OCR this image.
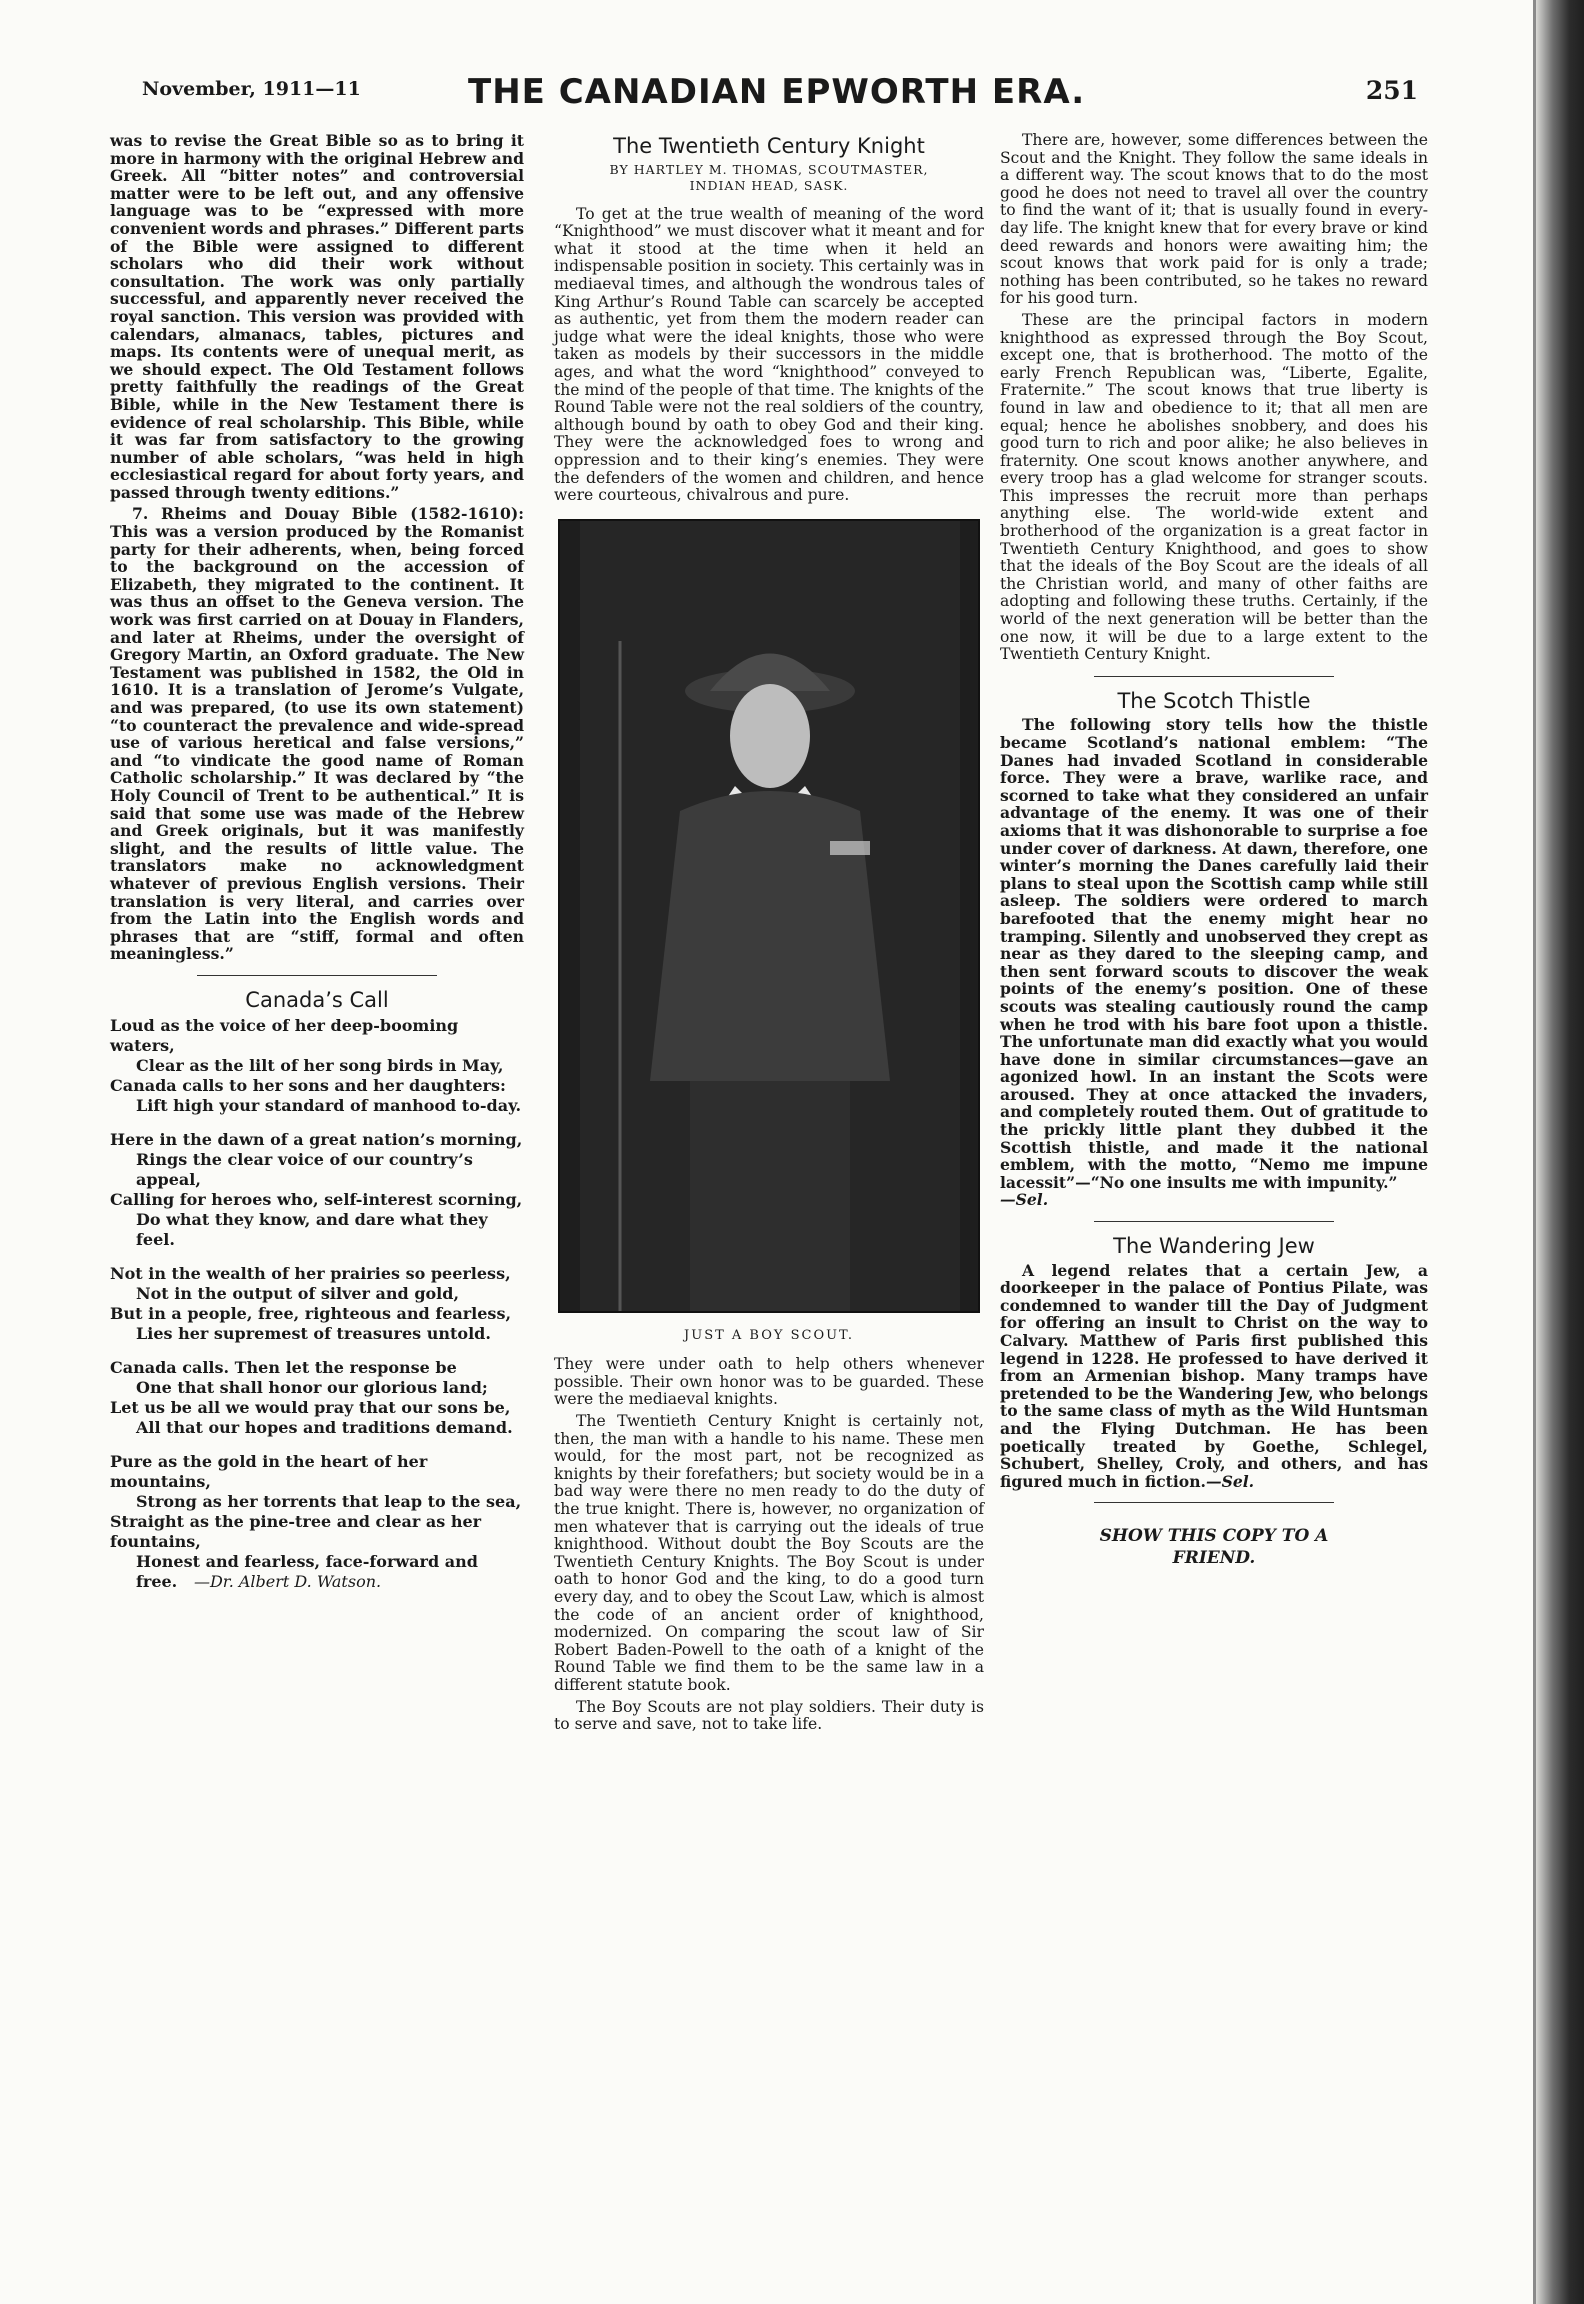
November, 1911—11	THE CANADIAN EPWORTH ERA.	251

was to revise the Great Bible so as to bring it more in harmony with the original Hebrew and Greek. All “bitter notes” and controversial matter were to be left out, and any offensive language was to be “expressed with more convenient words and phrases.” Different parts of the Bible were assigned to different scholars who did their work without consultation. The work was only partially successful, and apparently never received the royal sanction. This version was provided with calendars, almanacs, tables, pictures and maps. Its contents were of unequal merit, as we should expect. The Old Testament follows pretty faithfully the readings of the Great Bible, while in the New Testament there is evidence of real scholarship. This Bible, while it was far from satisfactory to the growing number of able scholars, “was held in high ecclesiastical regard for about forty years, and passed through twenty editions.”

7. Rheims and Douay Bible (1582-1610): This was a version produced by the Romanist party for their adherents, when, being forced to the background on the accession of Elizabeth, they migrated to the continent. It was thus an offset to the Geneva version. The work was first carried on at Douay in Flanders, and later at Rheims, under the oversight of Gregory Martin, an Oxford graduate. The New Testament was published in 1582, the Old in 1610. It is a translation of Jerome’s Vulgate, and was prepared, (to use its own statement) “to counteract the prevalence and wide-spread use of various heretical and false versions,” and “to vindicate the good name of Roman Catholic scholarship.” It was declared by “the Holy Council of Trent to be authentical.” It is said that some use was made of the Hebrew and Greek originals, but it was manifestly slight, and the results of little value. The translators make no acknowledgment whatever of previous English versions. Their translation is very literal, and carries over from the Latin into the English words and phrases that are “stiff, formal and often meaningless.”

Canada’s Call
Loud as the voice of her deep-booming waters,
Clear as the lilt of her song birds in May,
Canada calls to her sons and her daughters:
Lift high your standard of manhood to-day.
Here in the dawn of a great nation’s morning,
Rings the clear voice of our country’s appeal,
Calling for heroes who, self-interest scorning,
Do what they know, and dare what they feel.
Not in the wealth of her prairies so peerless,
Not in the output of silver and gold,
But in a people, free, righteous and fearless,
Lies her supremest of treasures untold.
Canada calls. Then let the response be
One that shall honor our glorious land;
Let us be all we would pray that our sons be,
All that our hopes and traditions demand.
Pure as the gold in the heart of her mountains,
Strong as her torrents that leap to the sea,
Straight as the pine-tree and clear as her fountains,
Honest and fearless, face-forward and free. —Dr. Albert D. Watson.
The Twentieth Century Knight
BY HARTLEY M. THOMAS, SCOUTMASTER,
INDIAN HEAD, SASK.

To get at the true wealth of meaning of the word “Knighthood” we must discover what it meant and for what it stood at the time when it held an indispensable position in society. This certainly was in mediaeval times, and although the wondrous tales of King Arthur’s Round Table can scarcely be accepted as authentic, yet from them the modern reader can judge what were the ideal knights, those who were taken as models by their successors in the middle ages, and what the word “knighthood” conveyed to the mind of the people of that time. The knights of the Round Table were not the real soldiers of the country, although bound by oath to obey God and their king. They were the acknowledged foes to wrong and oppression and to their king’s enemies. They were the defenders of the women and children, and hence were courteous, chivalrous and pure.

JUST A BOY SCOUT.

They were under oath to help others whenever possible. Their own honor was to be guarded. These were the mediaeval knights.

The Twentieth Century Knight is certainly not, then, the man with a handle to his name. These men would, for the most part, not be recognized as knights by their forefathers; but society would be in a bad way were there no men ready to do the duty of the true knight. There is, however, no organization of men whatever that is carrying out the ideals of true knighthood. Without doubt the Boy Scouts are the Twentieth Century Knights. The Boy Scout is under oath to honor God and the king, to do a good turn every day, and to obey the Scout Law, which is almost the code of an ancient order of knighthood, modernized. On comparing the scout law of Sir Robert Baden-Powell to the oath of a knight of the Round Table we find them to be the same law in a different statute book.

The Boy Scouts are not play soldiers. Their duty is to serve and save, not to take life.

There are, however, some differences between the Scout and the Knight. They follow the same ideals in a different way. The scout knows that to do the most good he does not need to travel all over the country to find the want of it; that is usually found in every-day life. The knight knew that for every brave or kind deed rewards and honors were awaiting him; the scout knows that work paid for is only a trade; nothing has been contributed, so he takes no reward for his good turn.

These are the principal factors in modern knighthood as expressed through the Boy Scout, except one, that is brotherhood. The motto of the early French Republican was, “Liberte, Egalite, Fraternite.” The scout knows that true liberty is found in law and obedience to it; that all men are equal; hence he abolishes snobbery, and does his good turn to rich and poor alike; he also believes in fraternity. One scout knows another anywhere, and every troop has a glad welcome for stranger scouts. This impresses the recruit more than perhaps anything else. The world-wide extent and brotherhood of the organization is a great factor in Twentieth Century Knighthood, and goes to show that the ideals of the Boy Scout are the ideals of all the Christian world, and many of other faiths are adopting and following these truths. Certainly, if the world of the next generation will be better than the one now, it will be due to a large extent to the Twentieth Century Knight.

The Scotch Thistle

The following story tells how the thistle became Scotland’s national emblem: “The Danes had invaded Scotland in considerable force. They were a brave, warlike race, and scorned to take what they considered an unfair advantage of the enemy. It was one of their axioms that it was dishonorable to surprise a foe under cover of darkness. At dawn, therefore, one winter’s morning the Danes carefully laid their plans to steal upon the Scottish camp while still asleep. The soldiers were ordered to march barefooted that the enemy might hear no tramping. Silently and unobserved they crept as near as they dared to the sleeping camp, and then sent forward scouts to discover the weak points of the enemy’s position. One of these scouts was stealing cautiously round the camp when he trod with his bare foot upon a thistle. The unfortunate man did exactly what you would have done in similar circumstances—gave an agonized howl. In an instant the Scots were aroused. They at once attacked the invaders, and completely routed them. Out of gratitude to the prickly little plant they dubbed it the Scottish thistle, and made it the national emblem, with the motto, “Nemo me impune lacessit”—“No one insults me with impunity.”
—Sel.

The Wandering Jew

A legend relates that a certain Jew, a doorkeeper in the palace of Pontius Pilate, was condemned to wander till the Day of Judgment for offering an insult to Christ on the way to Calvary. Matthew of Paris first published this legend in 1228. He professed to have derived it from an Armenian bishop. Many tramps have pretended to be the Wandering Jew, who belongs to the same class of myth as the Wild Huntsman and the Flying Dutchman. He has been poetically treated by Goethe, Schlegel, Schubert, Shelley, Croly, and others, and has figured much in fiction.—Sel.

SHOW THIS COPY TO A
FRIEND.
